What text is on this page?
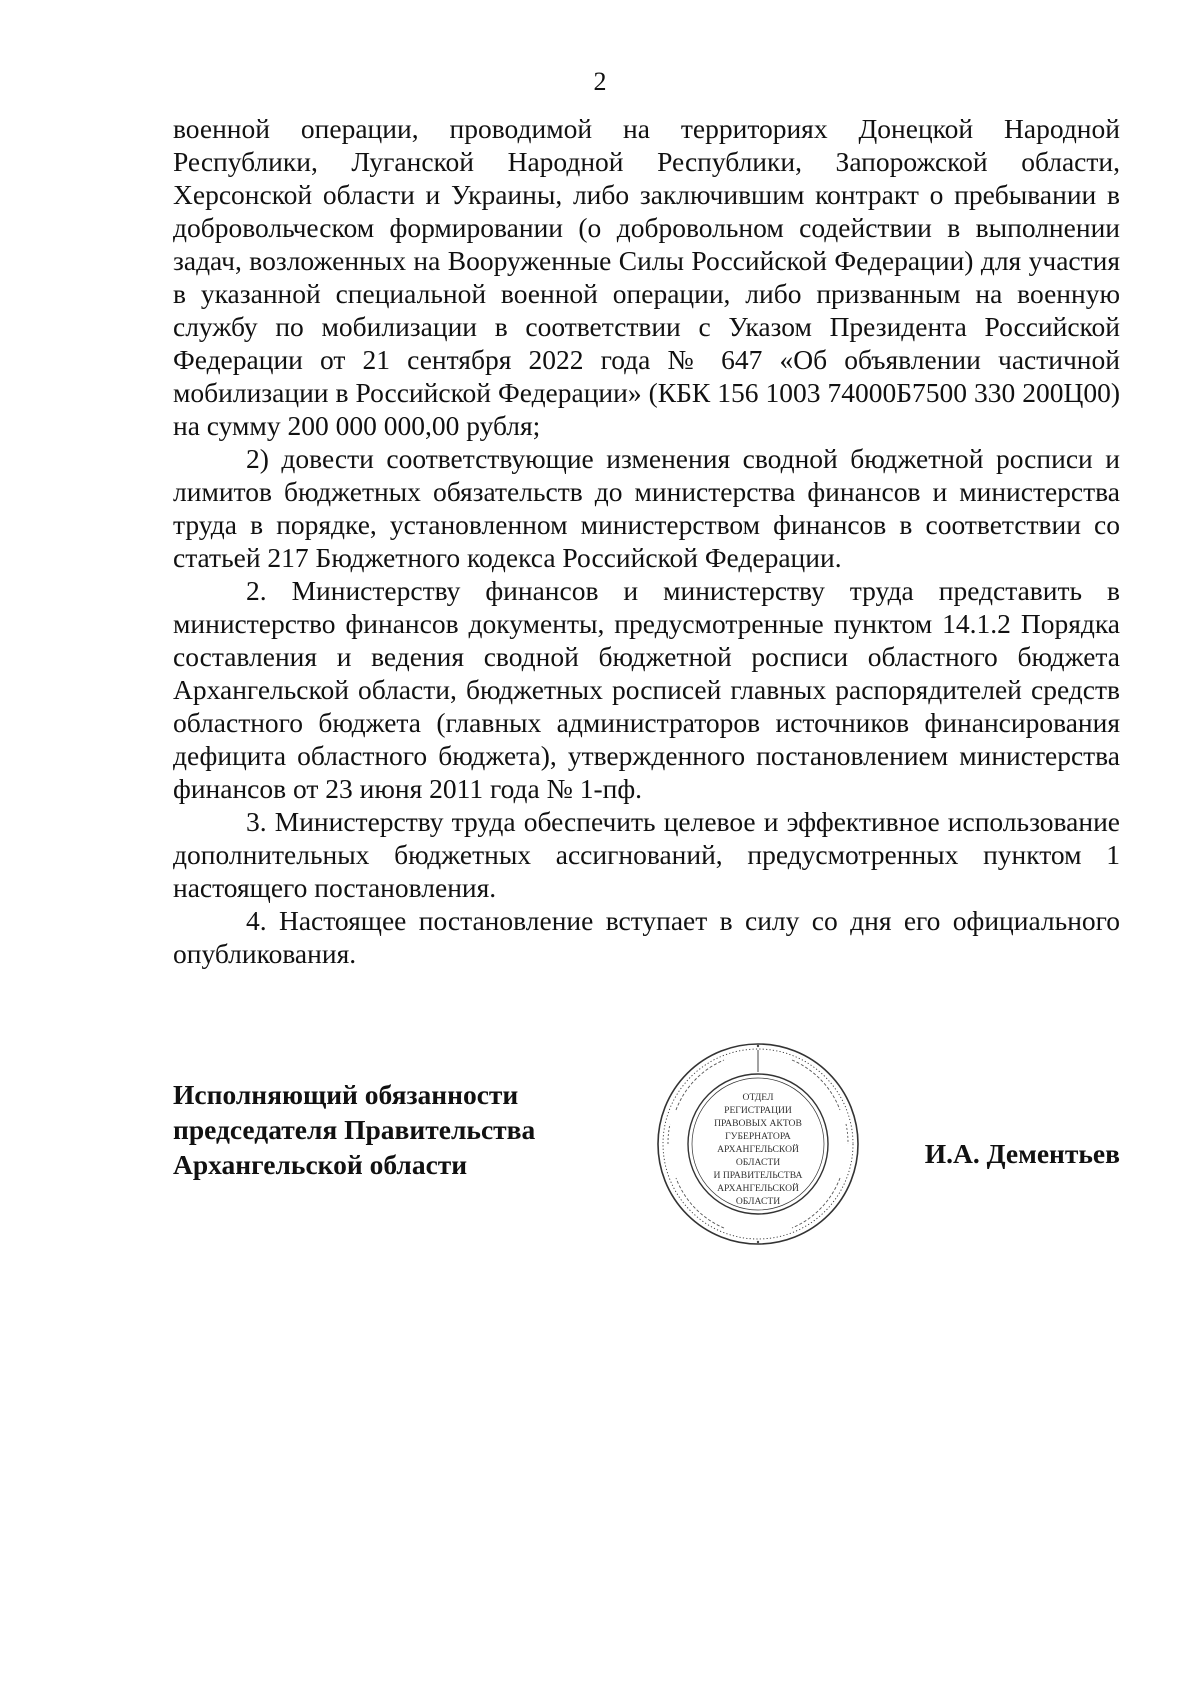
2

военной операции, проводимой на территориях Донецкой Народной Республики, Луганской Народной Республики, Запорожской области, Херсонской области и Украины, либо заключившим контракт о пребывании в добровольческом формировании (о добровольном содействии в выполнении задач, возложенных на Вооруженные Силы Российской Федерации) для участия в указанной специальной военной операции, либо призванным на военную службу по мобилизации в соответствии с Указом Президента Российской Федерации от 21 сентября 2022 года № 647 «Об объявлении частичной мобилизации в Российской Федерации» (КБК 156 1003 74000Б7500 330 200Ц00) на сумму 200 000 000,00 рубля;

2) довести соответствующие изменения сводной бюджетной росписи и лимитов бюджетных обязательств до министерства финансов и министерства труда в порядке, установленном министерством финансов в соответствии со статьей 217 Бюджетного кодекса Российской Федерации.

2. Министерству финансов и министерству труда представить в министерство финансов документы, предусмотренные пунктом 14.1.2 Порядка составления и ведения сводной бюджетной росписи областного бюджета Архангельской области, бюджетных росписей главных распорядителей средств областного бюджета (главных администраторов источников финансирования дефицита областного бюджета), утвержденного постановлением министерства финансов от 23 июня 2011 года № 1-пф.

3. Министерству труда обеспечить целевое и эффективное использование дополнительных бюджетных ассигнований, предусмотренных пунктом 1 настоящего постановления.

4. Настоящее постановление вступает в силу со дня его официального опубликования.

Исполняющий обязанности
председателя Правительства
Архангельской области
ОТДЕЛ
РЕГИСТРАЦИИ
ПРАВОВЫХ АКТОВ
ГУБЕРНАТОРА
АРХАНГЕЛЬСКОЙ
ОБЛАСТИ
И ПРАВИТЕЛЬСТВА
АРХАНГЕЛЬСКОЙ
ОБЛАСТИ
И.А. Дементьев
